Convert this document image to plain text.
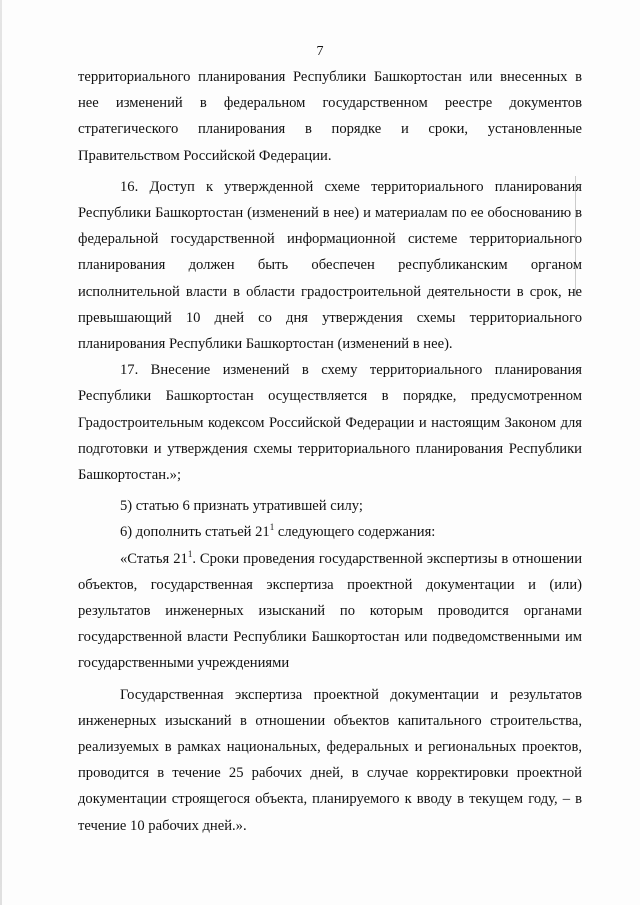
7

территориального планирования Республики Башкортостан или внесенных в нее изменений в федеральном государственном реестре документов стратегического планирования в порядке и сроки, установленные Правительством Российской Федерации.

16. Доступ к утвержденной схеме территориального планирования Республики Башкортостан (изменений в нее) и материалам по ее обоснованию в федеральной государственной информационной системе территориального планирования должен быть обеспечен республиканским органом исполнительной власти в области градостроительной деятельности в срок, не превышающий 10 дней со дня утверждения схемы территориального планирования Республики Башкортостан (изменений в нее).

17. Внесение изменений в схему территориального планирования Республики Башкортостан осуществляется в порядке, предусмотренном Градостроительным кодексом Российской Федерации и настоящим Законом для подготовки и утверждения схемы территориального планирования Республики Башкортостан.»;

5) статью 6 признать утратившей силу;

6) дополнить статьей $21^1$ следующего содержания:

«Статья $21^1$. Сроки проведения государственной экспертизы в отношении объектов, государственная экспертиза проектной документации и (или) результатов инженерных изысканий по которым проводится органами государственной власти Республики Башкортостан или подведомственными им государственными учреждениями

Государственная экспертиза проектной документации и результатов инженерных изысканий в отношении объектов капитального строительства, реализуемых в рамках национальных, федеральных и региональных проектов, проводится в течение 25 рабочих дней, в случае корректировки проектной документации строящегося объекта, планируемого к вводу в текущем году, – в течение 10 рабочих дней.».
